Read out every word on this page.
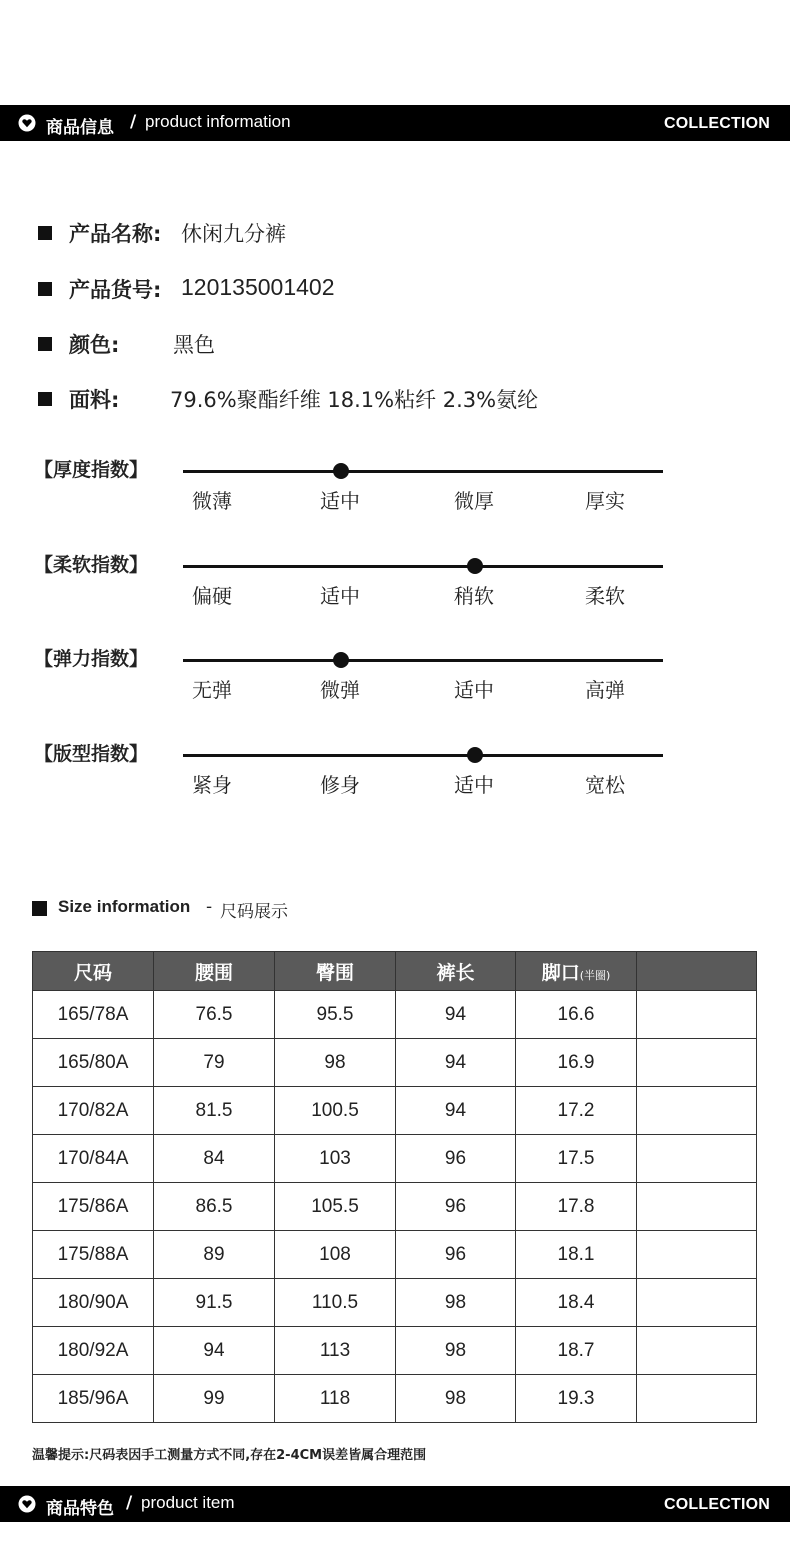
商品信息 / product information	COLLECTION
产品名称: 休闲九分裤
产品货号: 120135001402
颜色:	黑色
面料: 79.6%聚酯纤维 18.1%粘纤 2.3%氨纶
【厚度指数】
微薄	适中	微厚	厚实
【柔软指数】
偏硬	适中	稍软	柔软
【弹力指数】
无弹	微弹	适中	高弹
【版型指数】
紧身	修身	适中	宽松
Size information - 尺码展示
尺码	腰围	臀围	裤长	脚口(半圈)	
165/78A	76.5	95.5	94	16.6	
165/80A	79	98	94	16.9	
170/82A	81.5	100.5	94	17.2	
170/84A	84	103	96	17.5	
175/86A	86.5	105.5	96	17.8	
175/88A	89	108	96	18.1	
180/90A	91.5	110.5	98	18.4	
180/92A	94	113	98	18.7	
185/96A	99	118	98	19.3	
温馨提示:尺码表因手工测量方式不同,存在2-4CM误差皆属合理范围
商品特色 / product item	COLLECTION
